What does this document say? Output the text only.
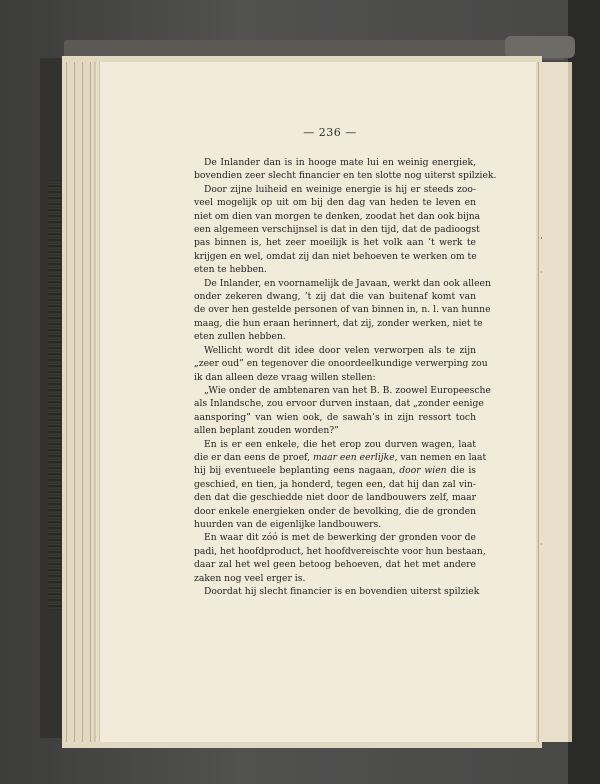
’
·
·
— 236 —
De Inlander dan is in hooge mate lui en weinig energiek,
bovendien zeer slecht financier en ten slotte nog uiterst spilziek.
Door zijne luiheid en weinige energie is hij er steeds zoo-
veel mogelijk op uit om bij den dag van heden te leven en
niet om dien van morgen te denken, zoodat het dan ook bijna
een algemeen verschijnsel is dat in den tijd, dat de padioogst
pas binnen is, het zeer moeilijk is het volk aan ’t werk te
krijgen en wel, omdat zij dan niet behoeven te werken om te
eten te hebben.
De Inlander, en voornamelijk de Javaan, werkt dan ook alleen
onder zekeren dwang, ’t zij dat die van buitenaf komt van
de over hen gestelde personen of van binnen in, n. l. van hunne
maag, die hun eraan herinnert, dat zij, zonder werken, niet te
eten zullen hebben.
Wellicht wordt dit idee door velen verworpen als te zijn
„zeer oud” en tegenover die onoordeelkundige verwerping zou
ik dan alleen deze vraag willen stellen:
„Wie onder de ambtenaren van het B. B. zoowel Europeesche
als Inlandsche, zou ervoor durven instaan, dat „zonder eenige
aansporing” van wien ook, de sawah’s in zijn ressort toch
allen beplant zouden worden?”
En is er een enkele, die het erop zou durven wagen, laat
die er dan eens de proef, maar een eerlijke, van nemen en laat
hij bij eventueele beplanting eens nagaan, door wien die is
geschied, en tien, ja honderd, tegen een, dat hij dan zal vin-
den dat die geschiedde niet door de landbouwers zelf, maar
door enkele energieken onder de bevolking, die de gronden
huurden van de eigenlijke landbouwers.
En waar dit zóó is met de bewerking der gronden voor de
padi, het hoofdproduct, het hoofdvereischte voor hun bestaan,
daar zal het wel geen betoog behoeven, dat het met andere
zaken nog veel erger is.
Doordat hij slecht financier is en bovendien uiterst spilziek
